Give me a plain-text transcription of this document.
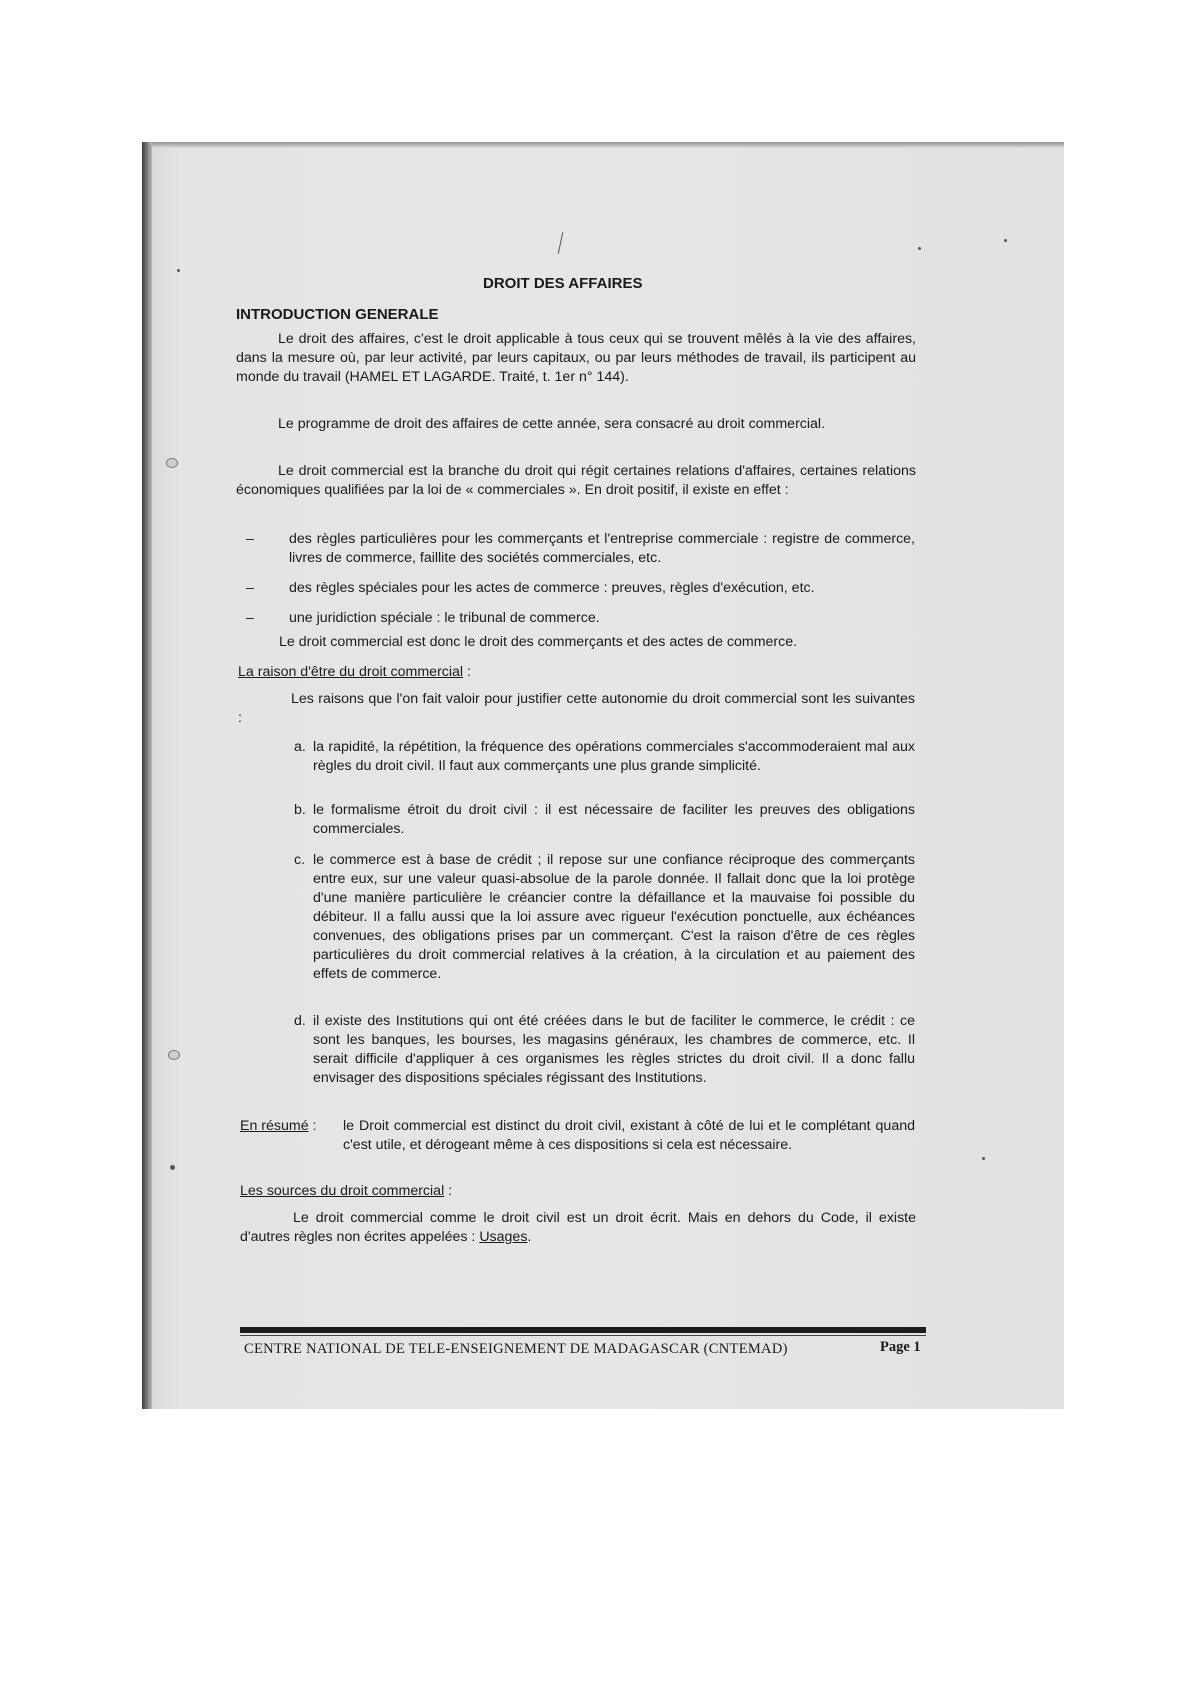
DROIT DES AFFAIRES
INTRODUCTION GENERALE
Le droit des affaires, c'est le droit applicable à tous ceux qui se trouvent mêlés à la vie des affaires, dans la mesure où, par leur activité, par leurs capitaux, ou par leurs méthodes de travail, ils participent au monde du travail (HAMEL ET LAGARDE. Traité, t. 1er n° 144).
Le programme de droit des affaires de cette année, sera consacré au droit commercial.
Le droit commercial est la branche du droit qui régit certaines relations d'affaires, certaines relations économiques qualifiées par la loi de « commerciales ». En droit positif, il existe en effet :
–	des règles particulières pour les commerçants et l'entreprise commerciale : registre de commerce, livres de commerce, faillite des sociétés commerciales, etc.
–	des règles spéciales pour les actes de commerce : preuves, règles d'exécution, etc.
–	une juridiction spéciale : le tribunal de commerce.
Le droit commercial est donc le droit des commerçants et des actes de commerce.
La raison d'être du droit commercial :
Les raisons que l'on fait valoir pour justifier cette autonomie du droit commercial sont les suivantes :
a. la rapidité, la répétition, la fréquence des opérations commerciales s'accommoderaient mal aux règles du droit civil. Il faut aux commerçants une plus grande simplicité.
b. le formalisme étroit du droit civil : il est nécessaire de faciliter les preuves des obligations commerciales.
c. le commerce est à base de crédit ; il repose sur une confiance réciproque des commerçants entre eux, sur une valeur quasi-absolue de la parole donnée. Il fallait donc que la loi protège d'une manière particulière le créancier contre la défaillance et la mauvaise foi possible du débiteur. Il a fallu aussi que la loi assure avec rigueur l'exécution ponctuelle, aux échéances convenues, des obligations prises par un commerçant. C'est la raison d'être de ces règles particulières du droit commercial relatives à la création, à la circulation et au paiement des effets de commerce.
d. il existe des Institutions qui ont été créées dans le but de faciliter le commerce, le crédit : ce sont les banques, les bourses, les magasins généraux, les chambres de commerce, etc. Il serait difficile d'appliquer à ces organismes les règles strictes du droit civil. Il a donc fallu envisager des dispositions spéciales régissant des Institutions.
En résumé : le Droit commercial est distinct du droit civil, existant à côté de lui et le complétant quand c'est utile, et dérogeant même à ces dispositions si cela est nécessaire.
Les sources du droit commercial :
Le droit commercial comme le droit civil est un droit écrit. Mais en dehors du Code, il existe d'autres règles non écrites appelées : Usages.
CENTRE NATIONAL DE TELE-ENSEIGNEMENT DE MADAGASCAR (CNTEMAD)	Page 1
